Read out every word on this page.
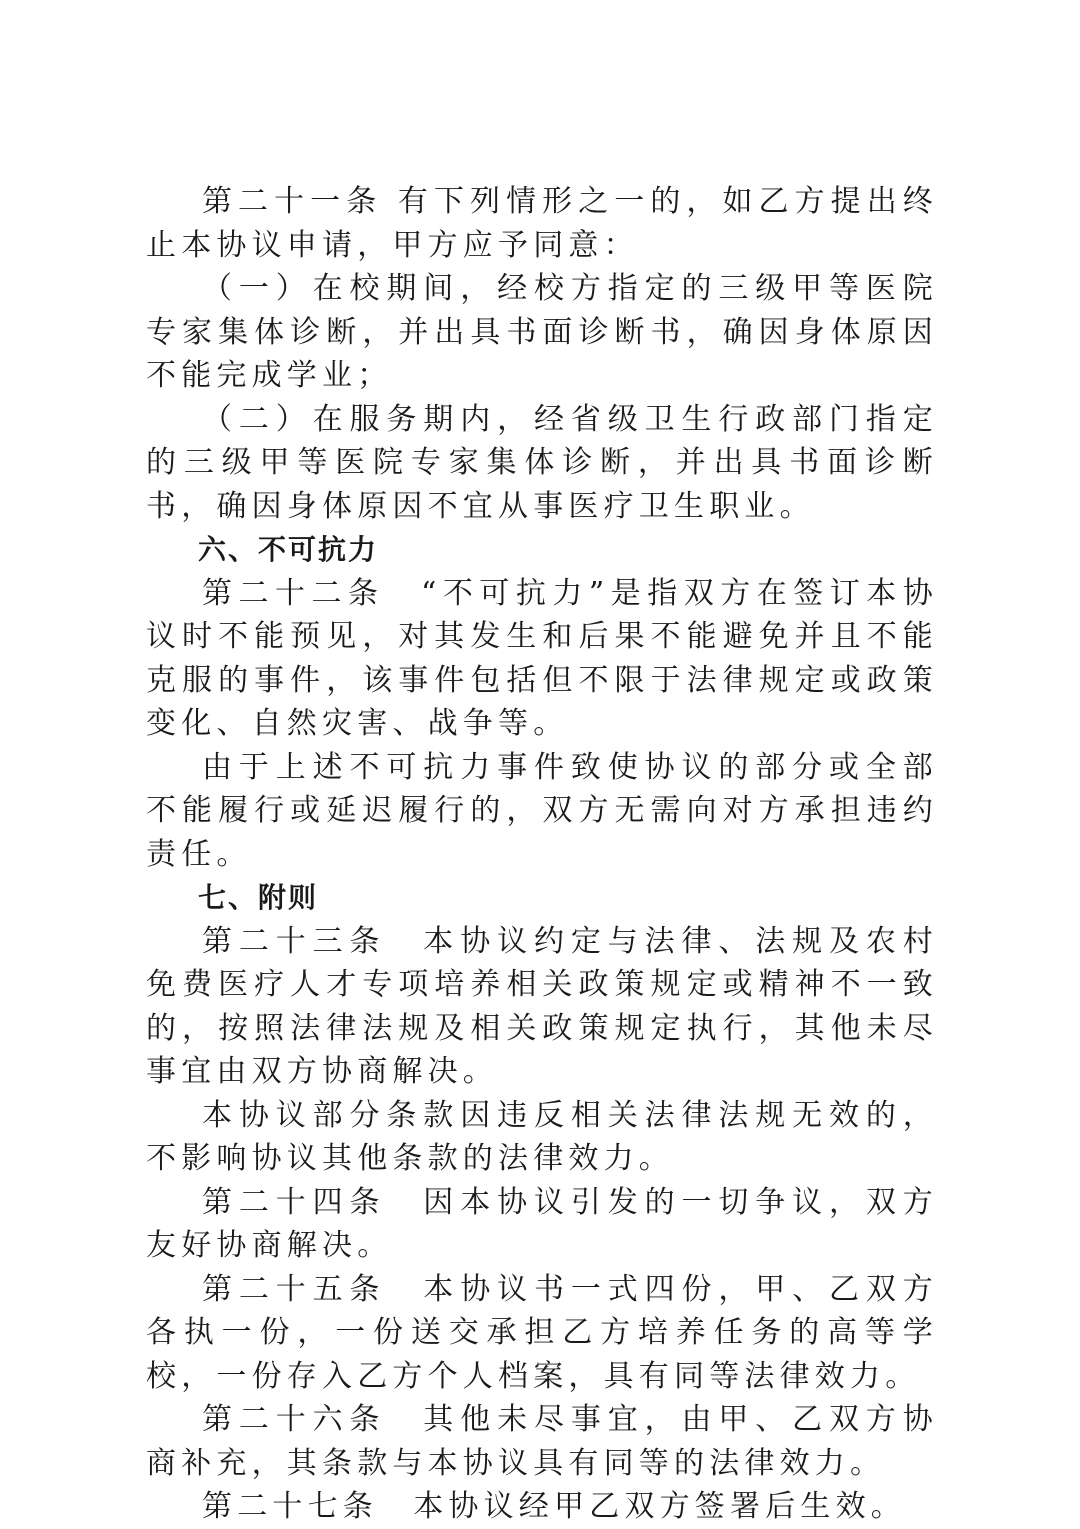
第二十一条 有下列情形之一的，如乙方提出终止本协议申请，甲方应予同意：

（一）在校期间，经校方指定的三级甲等医院专家集体诊断，并出具书面诊断书，确因身体原因不能完成学业；

（二）在服务期内，经省级卫生行政部门指定的三级甲等医院专家集体诊断，并出具书面诊断书，确因身体原因不宜从事医疗卫生职业。

六、不可抗力

第二十二条　“不可抗力”是指双方在签订本协议时不能预见，对其发生和后果不能避免并且不能克服的事件，该事件包括但不限于法律规定或政策变化、自然灾害、战争等。

由于上述不可抗力事件致使协议的部分或全部不能履行或延迟履行的，双方无需向对方承担违约责任。

七、附则

第二十三条　本协议约定与法律、法规及农村免费医疗人才专项培养相关政策规定或精神不一致的，按照法律法规及相关政策规定执行，其他未尽事宜由双方协商解决。

本协议部分条款因违反相关法律法规无效的，不影响协议其他条款的法律效力。

第二十四条　因本协议引发的一切争议，双方友好协商解决。

第二十五条　本协议书一式四份，甲、乙双方各执一份，一份送交承担乙方培养任务的高等学校，一份存入乙方个人档案，具有同等法律效力。

第二十六条　其他未尽事宜，由甲、乙双方协商补充，其条款与本协议具有同等的法律效力。

第二十七条　本协议经甲乙双方签署后生效。
